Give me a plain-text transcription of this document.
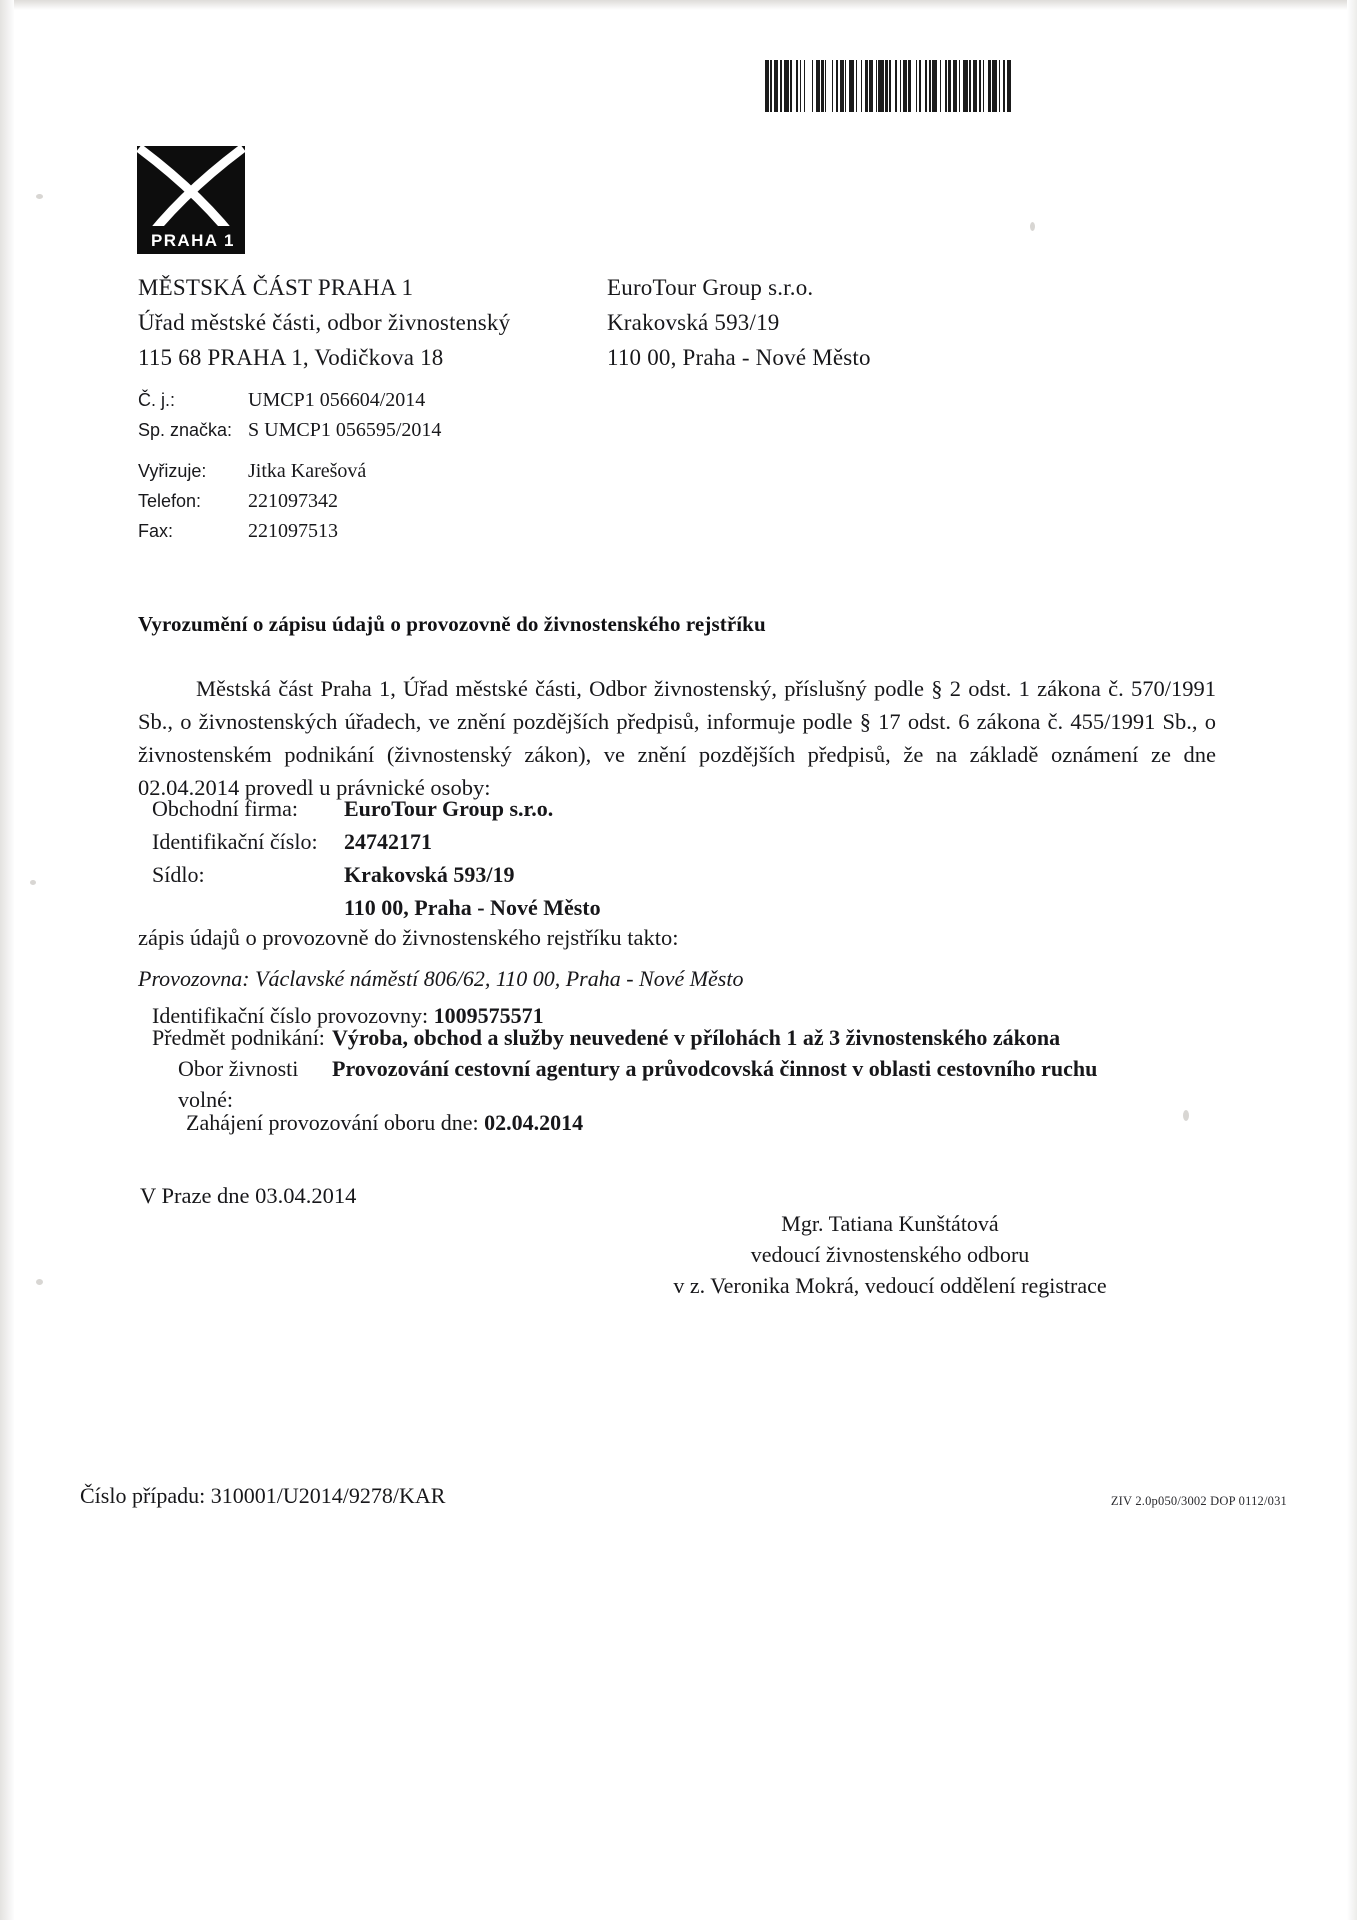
PRAHA 1
MĚSTSKÁ ČÁST PRAHA 1
Úřad městské části, odbor živnostenský
115 68 PRAHA 1, Vodičkova 18
EuroTour Group s.r.o.
Krakovská 593/19
110 00, Praha - Nové Město
Č. j.:	UMCP1 056604/2014
Sp. značka: S UMCP1 056595/2014
Vyřizuje:	Jitka Karešová
Telefon:	221097342
Fax:	221097513
Vyrozumění o zápisu údajů o provozovně do živnostenského rejstříku
Městská část Praha 1, Úřad městské části, Odbor živnostenský, příslušný podle § 2 odst. 1 zákona č. 570/1991 Sb., o živnostenských úřadech, ve znění pozdějších předpisů, informuje podle § 17 odst. 6 zákona č. 455/1991 Sb., o živnostenském podnikání (živnostenský zákon), ve znění pozdějších předpisů, že na základě oznámení ze dne 02.04.2014 provedl u právnické osoby:
Obchodní firma:	EuroTour Group s.r.o.
Identifikační číslo:	24742171
Sídlo:	Krakovská 593/19
110 00, Praha - Nové Město
zápis údajů o provozovně do živnostenského rejstříku takto:
Provozovna: Václavské náměstí 806/62, 110 00, Praha - Nové Město
Identifikační číslo provozovny: 1009575571
Předmět podnikání: Výroba, obchod a služby neuvedené v přílohách 1 až 3 živnostenského zákona
Obor živnosti volné:
Provozování cestovní agentury a průvodcovská činnost v oblasti cestovního ruchu
Zahájení provozování oboru dne: 02.04.2014
V Praze dne 03.04.2014
Mgr. Tatiana Kunštátová
vedoucí živnostenského odboru
v z. Veronika Mokrá, vedoucí oddělení registrace
Číslo případu: 310001/U2014/9278/KAR	ZIV 2.0p050/3002 DOP 0112/031
